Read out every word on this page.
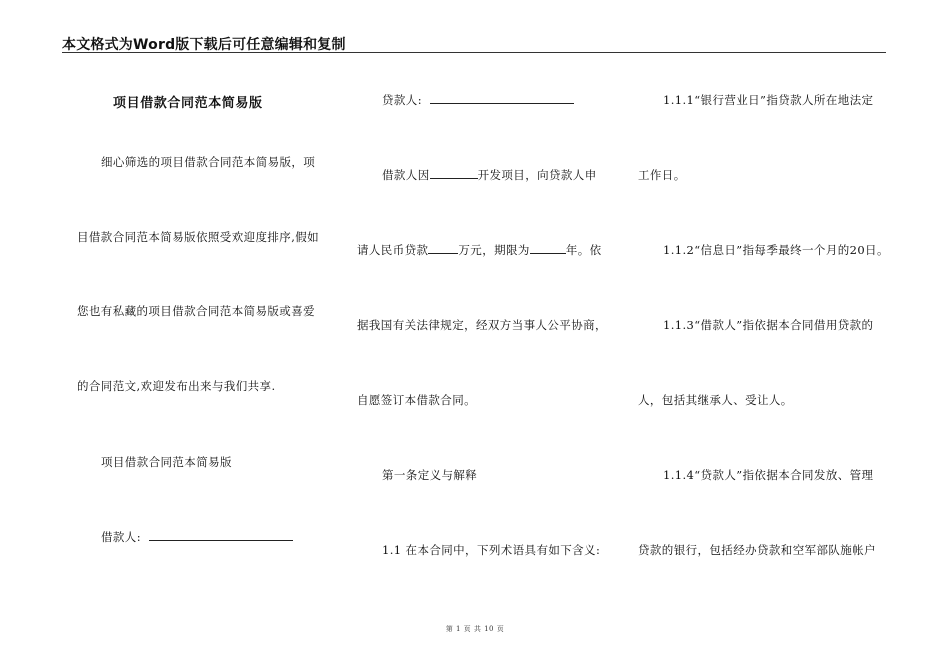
本文格式为Word版下载后可任意编辑和复制
项目借款合同范本简易版
细心筛选的项目借款合同范本简易版，项
目借款合同范本简易版依照受欢迎度排序,假如
您也有私藏的项目借款合同范本简易版或喜爱
的合同范文,欢迎发布出来与我们共享.
项目借款合同范本简易版
借款人:
贷款人:
借款人因	开发项目，向贷款人申
请人民币贷款	万元，期限为	年。依
据我国有关法律规定，经双方当事人公平协商，
自愿签订本借款合同。
第一条定义与解释
1.1 在本合同中，下列术语具有如下含义:
1.1.1“银行营业日”指贷款人所在地法定
工作日。
1.1.2“信息日”指每季最终一个月的20日。
1.1.3“借款人”指依据本合同借用贷款的
人，包括其继承人、受让人。
1.1.4“贷款人”指依据本合同发放、管理
贷款的银行，包括经办贷款和空军部队施帐户
第 1 页 共 10 页
